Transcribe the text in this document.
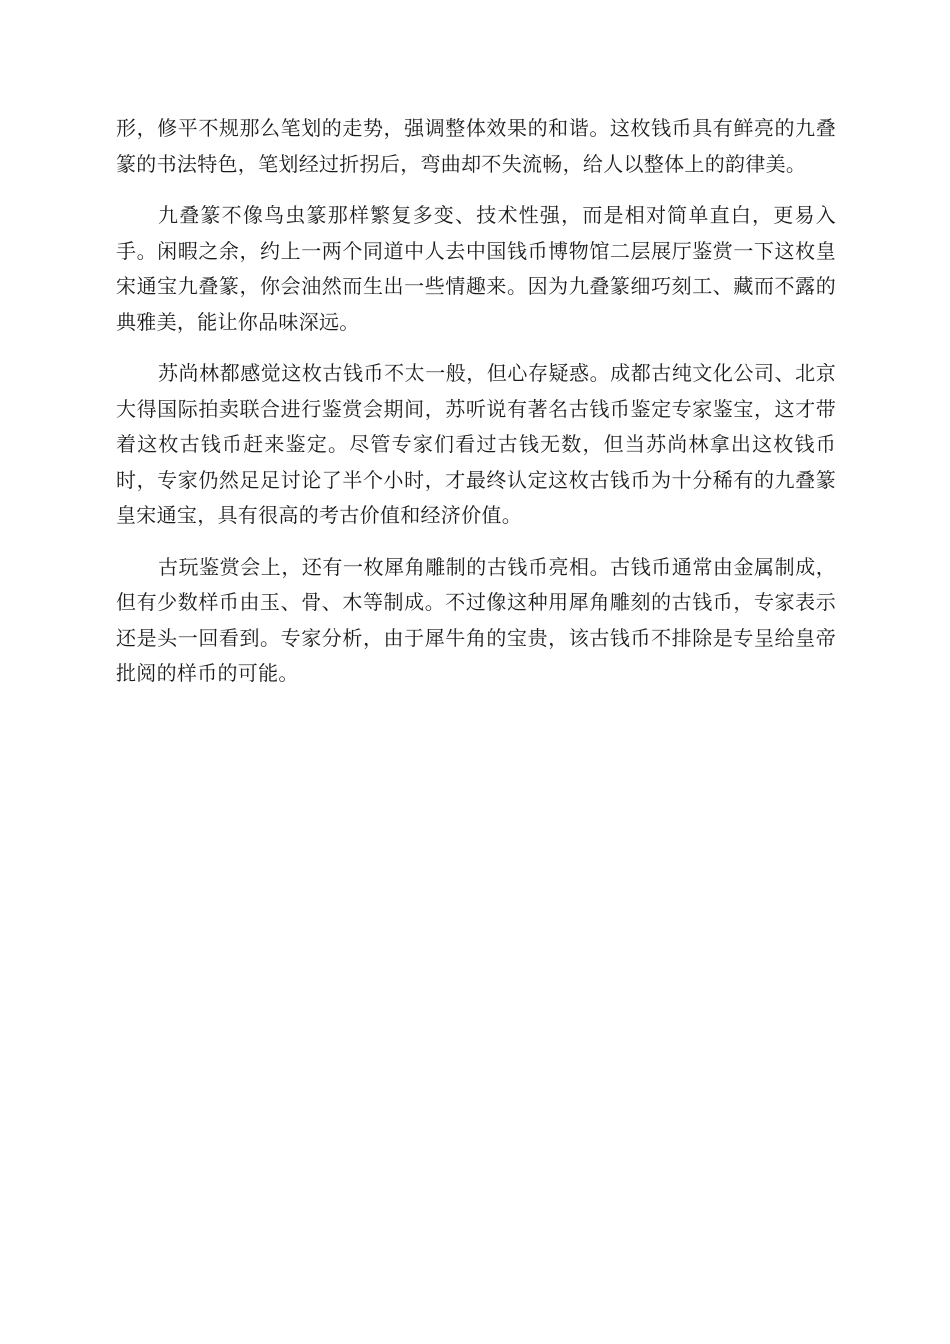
形，修平不规那么笔划的走势，强调整体效果的和谐。这枚钱币具有鲜亮的九叠篆的书法特色，笔划经过折拐后，弯曲却不失流畅，给人以整体上的韵律美。

九叠篆不像鸟虫篆那样繁复多变、技术性强，而是相对简单直白，更易入手。闲暇之余，约上一两个同道中人去中国钱币博物馆二层展厅鉴赏一下这枚皇宋通宝九叠篆，你会油然而生出一些情趣来。因为九叠篆细巧刻工、藏而不露的典雅美，能让你品味深远。

苏尚林都感觉这枚古钱币不太一般，但心存疑惑。成都古纯文化公司、北京大得国际拍卖联合进行鉴赏会期间，苏听说有著名古钱币鉴定专家鉴宝，这才带着这枚古钱币赶来鉴定。尽管专家们看过古钱无数，但当苏尚林拿出这枚钱币时，专家仍然足足讨论了半个小时，才最终认定这枚古钱币为十分稀有的九叠篆皇宋通宝，具有很高的考古价值和经济价值。

古玩鉴赏会上，还有一枚犀角雕制的古钱币亮相。古钱币通常由金属制成，但有少数样币由玉、骨、木等制成。不过像这种用犀角雕刻的古钱币，专家表示还是头一回看到。专家分析，由于犀牛角的宝贵，该古钱币不排除是专呈给皇帝批阅的样币的可能。
